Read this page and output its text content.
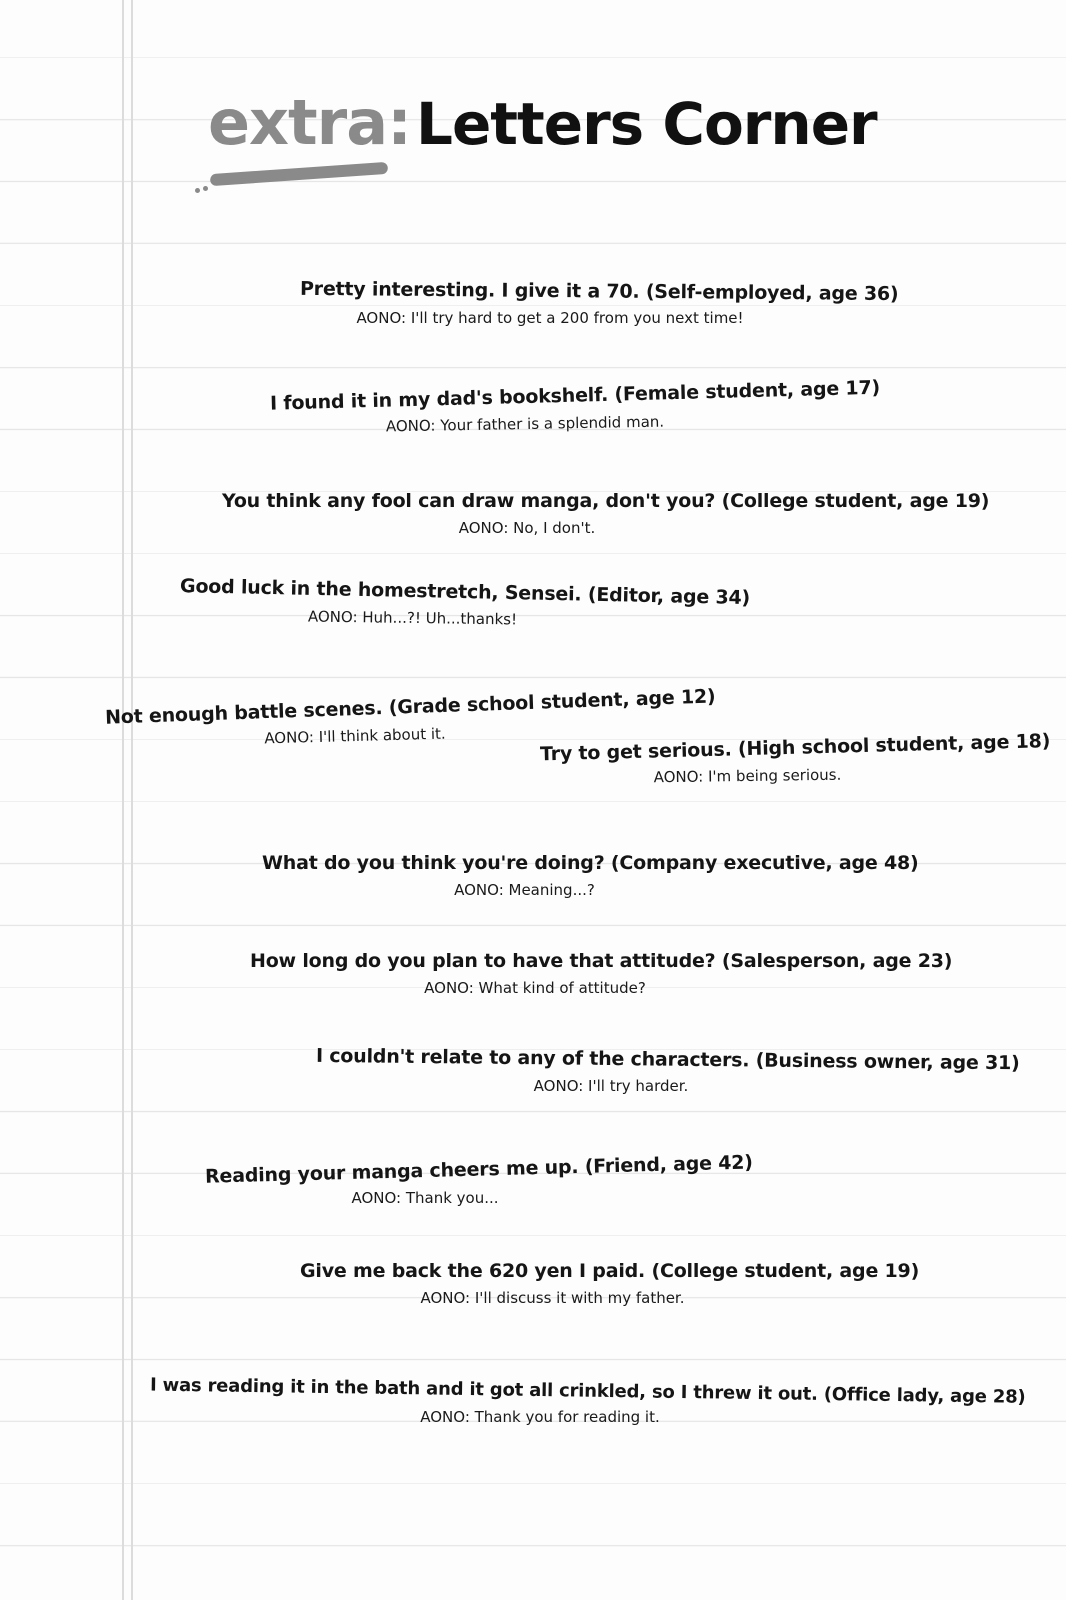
extra: Letters Corner
Pretty interesting. I give it a 70. (Self-employed, age 36)
AONO: I'll try hard to get a 200 from you next time!
I found it in my dad's bookshelf. (Female student, age 17)
AONO: Your father is a splendid man.
You think any fool can draw manga, don't you? (College student, age 19)
AONO: No, I don't.
Good luck in the homestretch, Sensei. (Editor, age 34)
AONO: Huh...?! Uh...thanks!
Not enough battle scenes. (Grade school student, age 12)
AONO: I'll think about it.	Try to get serious. (High school student, age 18)
AONO: I'm being serious.
What do you think you're doing? (Company executive, age 48)
AONO: Meaning...?
How long do you plan to have that attitude? (Salesperson, age 23)
AONO: What kind of attitude?
I couldn't relate to any of the characters. (Business owner, age 31)
AONO: I'll try harder.
Reading your manga cheers me up. (Friend, age 42)
AONO: Thank you...
Give me back the 620 yen I paid. (College student, age 19)
AONO: I'll discuss it with my father.
I was reading it in the bath and it got all crinkled, so I threw it out. (Office lady, age 28)
AONO: Thank you for reading it.
